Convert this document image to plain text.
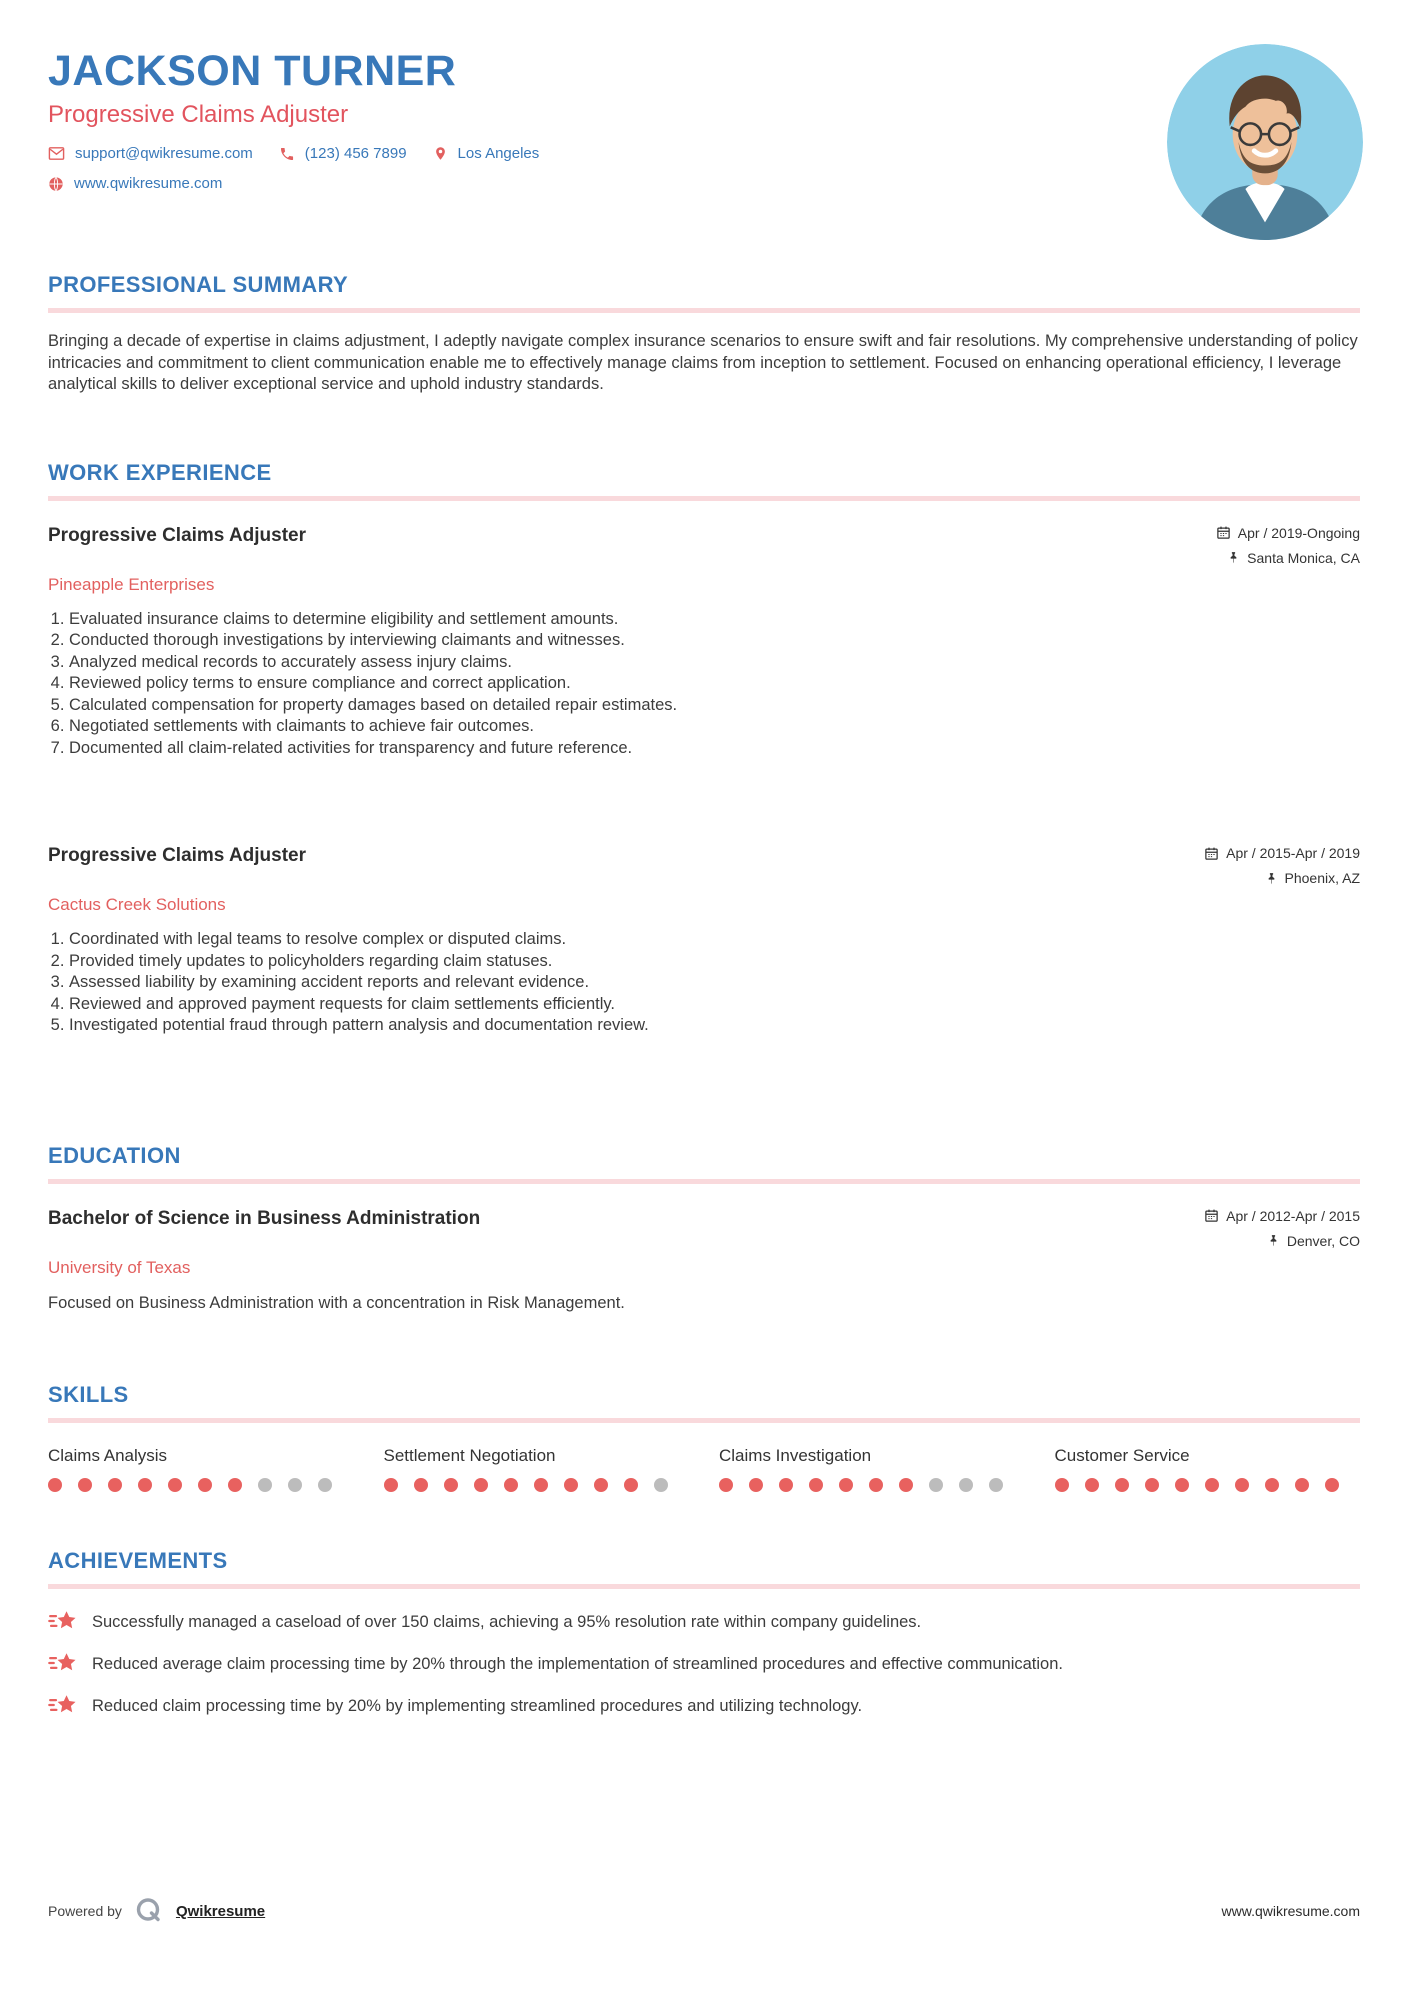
JACKSON TURNER
Progressive Claims Adjuster
support@qwikresume.com	(123) 456 7899	Los Angeles
www.qwikresume.com
PROFESSIONAL SUMMARY

Bringing a decade of expertise in claims adjustment, I adeptly navigate complex insurance scenarios to ensure swift and fair resolutions. My comprehensive understanding of policy intricacies and commitment to client communication enable me to effectively manage claims from inception to settlement. Focused on enhancing operational efficiency, I leverage analytical skills to deliver exceptional service and uphold industry standards.

WORK EXPERIENCE
Progressive Claims Adjuster	Apr / 2019-Ongoing
Santa Monica, CA
Pineapple Enterprises
1. Evaluated insurance claims to determine eligibility and settlement amounts.
2. Conducted thorough investigations by interviewing claimants and witnesses.
3. Analyzed medical records to accurately assess injury claims.
4. Reviewed policy terms to ensure compliance and correct application.
5. Calculated compensation for property damages based on detailed repair estimates.
6. Negotiated settlements with claimants to achieve fair outcomes.
7. Documented all claim-related activities for transparency and future reference.
Progressive Claims Adjuster	Apr / 2015-Apr / 2019
Phoenix, AZ
Cactus Creek Solutions
1. Coordinated with legal teams to resolve complex or disputed claims.
2. Provided timely updates to policyholders regarding claim statuses.
3. Assessed liability by examining accident reports and relevant evidence.
4. Reviewed and approved payment requests for claim settlements efficiently.
5. Investigated potential fraud through pattern analysis and documentation review.
EDUCATION
Bachelor of Science in Business Administration	Apr / 2012-Apr / 2015
Denver, CO
University of Texas

Focused on Business Administration with a concentration in Risk Management.

SKILLS
Claims Analysis	Settlement Negotiation	Claims Investigation	Customer Service
ACHIEVEMENTS
Successfully managed a caseload of over 150 claims, achieving a 95% resolution rate within company guidelines.
Reduced average claim processing time by 20% through the implementation of streamlined procedures and effective communication.
Reduced claim processing time by 20% by implementing streamlined procedures and utilizing technology.
Powered by	Qwikresume	www.qwikresume.com
